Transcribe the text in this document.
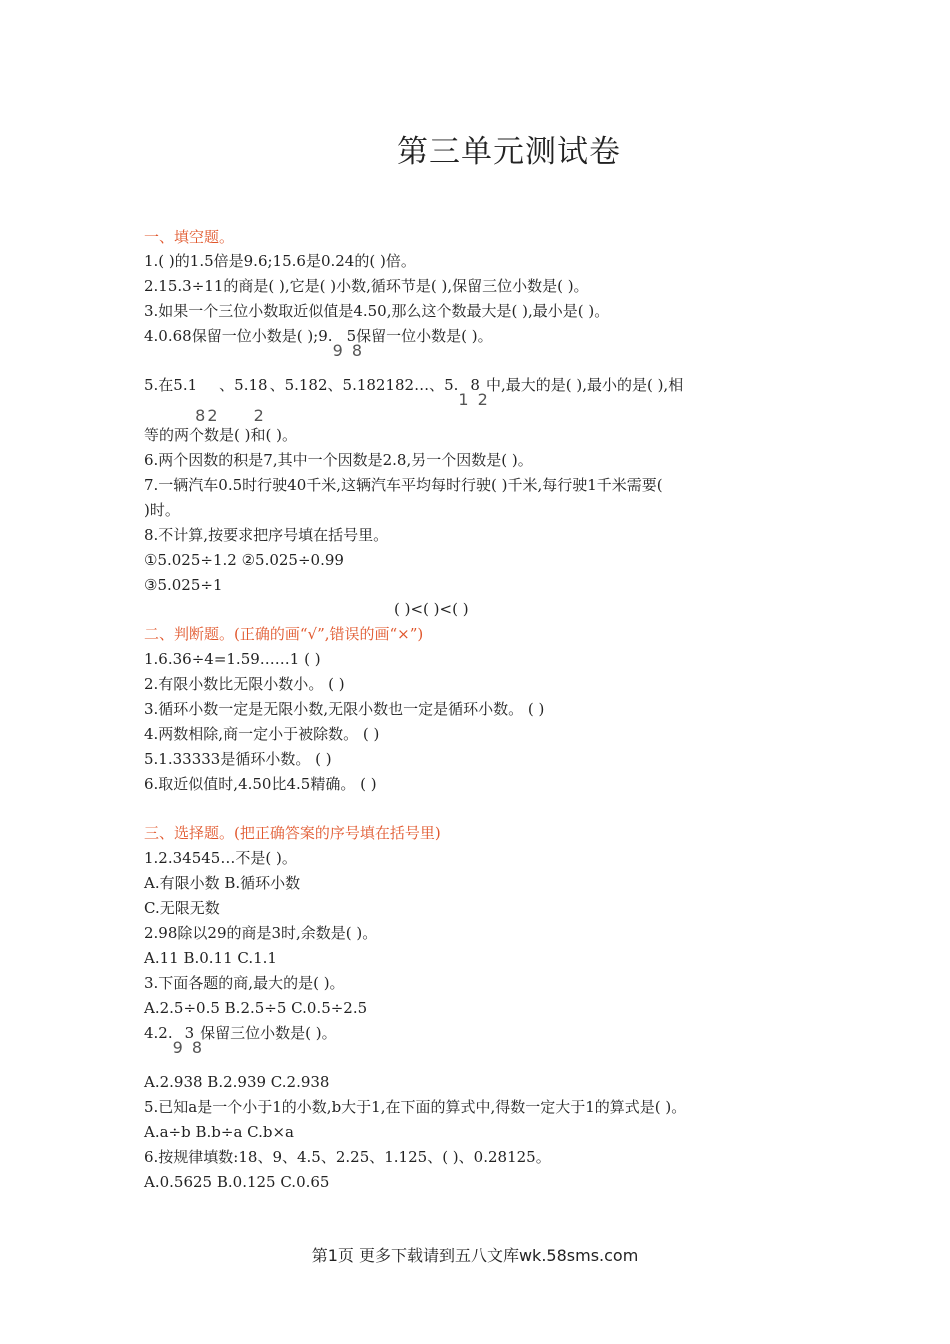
第三单元测试卷
一、填空题。
1.( )的1.5倍是9.6;15.6是0.24的( )倍。
2.15.3÷11的商是( ),它是( )小数,循环节是( ),保留三位小数是( )。
3.如果一个三位小数取近似值是4.50,那么这个数最大是( ),最小是( )。
4.0.68保留一位小数是( );9. 5
9 8
保留一位小数是( )。
5.在5.1
82
、5.18
2
、5.182、5.182182…、5. 8
1 2
中,最大的是( ),最小的是( ),相
等的两个数是( )和( )。
6.两个因数的积是7,其中一个因数是2.8,另一个因数是( )。
7.一辆汽车0.5时行驶40千米,这辆汽车平均每时行驶( )千米,每行驶1千米需要(
)时。
8.不计算,按要求把序号填在括号里。
①5.025÷1.2 ②5.025÷0.99
③5.025÷1
( )<( )<( )
二、判断题。(正确的画“√”,错误的画“×”)
1.6.36÷4=1.59……1 ( )
2.有限小数比无限小数小。 ( )
3.循环小数一定是无限小数,无限小数也一定是循环小数。 ( )
4.两数相除,商一定小于被除数。 ( )
5.1.33333是循环小数。 ( )
6.取近似值时,4.50比4.5精确。 ( )
三、选择题。(把正确答案的序号填在括号里)
1.2.34545…不是( )。
A.有限小数 B.循环小数
C.无限无数
2.98除以29的商是3时,余数是( )。
A.11 B.0.11 C.1.1
3.下面各题的商,最大的是( )。
A.2.5÷0.5 B.2.5÷5 C.0.5÷2.5
4.2. 3
9 8
保留三位小数是( )。
A.2.938 B.2.939 C.2.938
5.已知a是一个小于1的小数,b大于1,在下面的算式中,得数一定大于1的算式是( )。
A.a÷b B.b÷a C.b×a
6.按规律填数:18、9、4.5、2.25、1.125、( )、0.28125。
A.0.5625 B.0.125 C.0.65
第1页 更多下载请到五八文库wk.58sms.com
